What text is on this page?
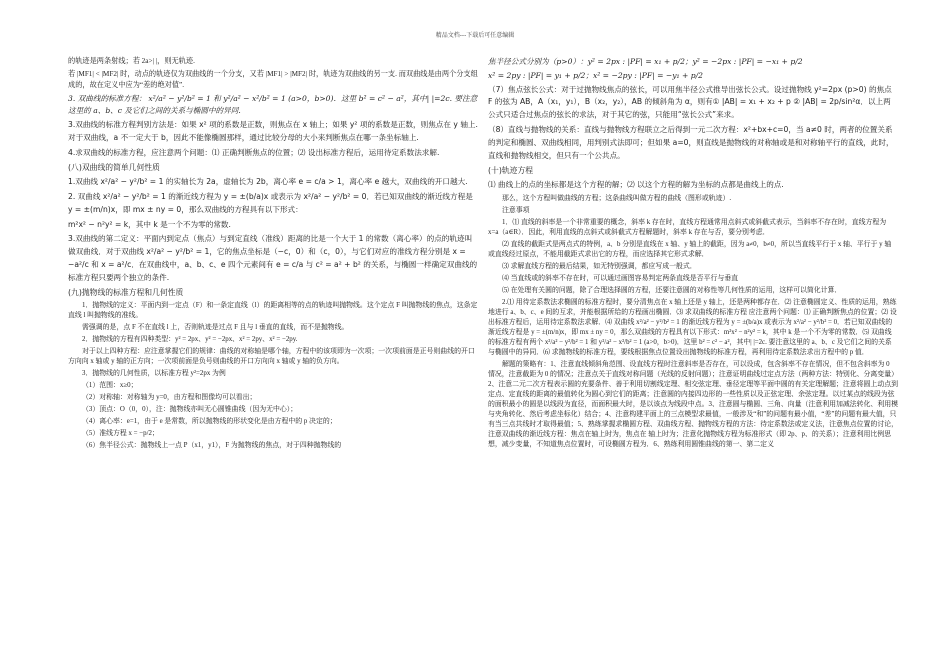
精品文档---下载后可任意编辑

的轨迹是两条射线；若 2a>| |，则无轨迹.

若 |MF1| < |MF2| 时，动点的轨迹仅为双曲线的一个分支，又若 |MF1| > |MF2| 时，轨迹为双曲线的另一支. 而双曲线是由两个分支组成的，故在定义中应为“差的绝对值”.

3. 双曲线的标准方程： x²/a² − y²/b² = 1 和 y²/a² − x²/b² = 1 (a>0，b>0)．这里 b² = c² − a²，其中| |=2c. 要注意这里的 a、b、c 及它们之间的关系与椭圆中的异同.

3.双曲线的标准方程判别方法是：如果 x² 项的系数是正数，则焦点在 x 轴上；如果 y² 项的系数是正数，则焦点在 y 轴上. 对于双曲线，a 不一定大于 b，因此不能像椭圆那样，通过比较分母的大小来判断焦点在哪一条坐标轴上.

4.求双曲线的标准方程，应注意两个问题：⑴ 正确判断焦点的位置；⑵ 设出标准方程后，运用待定系数法求解.

(八)双曲线的简单几何性质

1.双曲线 x²/a² − y²/b² = 1 的实轴长为 2a，虚轴长为 2b，离心率 e = c/a > 1，离心率 e 越大，双曲线的开口越大.

2. 双曲线 x²/a² − y²/b² = 1 的渐近线方程为 y = ±(b/a)x 或表示为 x²/a² − y²/b² = 0．若已知双曲线的渐近线方程是 y = ±(m/n)x，即 mx ± ny = 0，那么双曲线的方程具有以下形式：

m²x² − n²y² = k，其中 k 是一个不为零的常数.

3.双曲线的第二定义：平面内到定点（焦点）与到定直线（准线）距离的比是一个大于 1 的常数（离心率）的点的轨迹叫做双曲线．对于双曲线 x²/a² − y²/b² = 1，它的焦点坐标是（−c，0）和（c，0），与它们对应的准线方程分别是 x = −a²/c 和 x = a²/c．在双曲线中，a、b、c、e 四个元素间有 e = c/a 与 c² = a² + b² 的关系，与椭圆一样确定双曲线的标准方程只要两个独立的条件.

(九)抛物线的标准方程和几何性质

1．抛物线的定义：平面内到一定点（F）和一条定直线（l）的距离相等的点的轨迹叫抛物线。这个定点 F 叫抛物线的焦点，这条定直线 l 叫抛物线的准线。

需强调的是，点 F 不在直线 l 上，否则轨迹是过点 F 且与 l 垂直的直线，而不是抛物线。

2．抛物线的方程有四种类型：y² = 2px、y² = −2px、x² = 2py、x² = −2py.

对于以上四种方程：应注意掌握它们的规律：曲线的对称轴是哪个轴，方程中的该项即为一次项；一次项前面是正号则曲线的开口方向向 x 轴或 y 轴的正方向；一次项前面是负号则曲线的开口方向向 x 轴或 y 轴的负方向。

3．抛物线的几何性质，以标准方程 y²=2px 为例

（1）范围：x≥0；

（2）对称轴：对称轴为 y=0，由方程和图像均可以看出；

（3）顶点：O（0，0），注：抛物线亦叫无心圆锥曲线（因为无中心）；

（4）离心率：e=1，由于 e 是常数，所以抛物线的形状变化是由方程中的 p 决定的；

（5）准线方程 x = −p/2；

（6）焦半径公式：抛物线上一点 P（x1，y1），F 为抛物线的焦点，对于四种抛物线的

焦半径公式分别为（p>0）：y² = 2px : |PF| = x₁ + p/2；y² = −2px : |PF| = −x₁ + p/2

x² = 2py : |PF| = y₁ + p/2；x² = −2py : |PF| = −y₁ + p/2

（7）焦点弦长公式：对于过抛物线焦点的弦长，可以用焦半径公式推导出弦长公式。设过抛物线 y²=2px (p>0) 的焦点 F 的弦为 AB，A（x₁，y₁），B（x₂，y₂），AB 的倾斜角为 α，则有① |AB| = x₁ + x₂ + p ② |AB| = 2p/sin²α．以上两公式只适合过焦点的弦长的求法，对于其它的弦，只能用“弦长公式”来求。

（8）直线与抛物线的关系：直线与抛物线方程联立之后得到一元二次方程：x²+bx+c=0，当 a≠0 时，两者的位置关系的判定和椭圆、双曲线相同，用判别式法即可；但如果 a=0，则直线是抛物线的对称轴或是和对称轴平行的直线，此时，直线和抛物线相交，但只有一个公共点。

(十)轨迹方程

⑴ 曲线上的点的坐标都是这个方程的解；⑵ 以这个方程的解为坐标的点都是曲线上的点.

那么，这个方程叫做曲线的方程；这条曲线叫做方程的曲线（图形或轨迹）.

注意事项

1．⑴ 直线的斜率是一个非常重要的概念，斜率 k 存在时，直线方程通常用点斜式或斜截式表示，当斜率不存在时，直线方程为 x=a（a∈R）．因此，利用直线的点斜式或斜截式方程解题时，斜率 k 存在与否，要分别考虑．

⑵ 直线的截距式是两点式的特例，a、b 分别是直线在 x 轴、y 轴上的截距，因为 a≠0，b≠0，所以当直线平行于 x 轴、平行于 y 轴或直线经过原点，不能用截距式求出它的方程，而应选择其它形式求解．

⑶ 求解直线方程的最后结果，如无特别强调，都应写成一般式．

⑷ 当直线或的斜率不存在时，可以通过画图容易判定两条直线是否平行与垂直

⑸ 在处理有关圆的问题，除了合理选择圆的方程，还要注意圆的对称性等几何性质的运用，这样可以简化计算．

2.⑴ 用待定系数法求椭圆的标准方程时，要分清焦点在 x 轴上还是 y 轴上，还是两种都存在．⑵ 注意椭圆定义、性质的运用，熟练地进行 a、b、c、e 间的互求，并能根据所给的方程画出椭圆．⑶ 求双曲线的标准方程 应注意两个问题：⑴ 正确判断焦点的位置；⑵ 设出标准方程后，运用待定系数法求解．⑷ 双曲线 x²/a² − y²/b² = 1 的渐近线方程为 y = ±(b/a)x 或表示为 x²/a² − y²/b² = 0．若已知双曲线的渐近线方程是 y = ±(m/n)x，即 mx ± ny = 0，那么双曲线的方程具有以下形式：m²x² − n²y² = k，其中 k 是一个不为零的常数．⑸ 双曲线的标准方程有两个 x²/a² − y²/b² = 1 和 y²/a² − x²/b² = 1 (a>0，b>0)．这里 b² = c² − a²，其中| |=2c. 要注意这里的 a、b、c 及它们之间的关系与椭圆中的异同．⑹ 求抛物线的标准方程，要线根据焦点位置设出抛物线的标准方程，再利用待定系数法求出方程中的 p 值．

解题的策略有：1、注意直线倾斜角范围、设直线方程时注意斜率是否存在，可以设成，包含斜率不存在情况，但不包含斜率为 0 情况，注意截距为 0 的情况；注意点关于直线对称问题（光线的反射问题）；注意证明曲线过定点方法（两种方法：特别化、分离变量）2、注意二元二次方程表示圆的充要条件、善于利用切割线定理、相交弦定理、垂径定理等平面中圆的有关定理解题；注意将圆上动点到定点、定直线的距离的最值转化为圆心到它们的距离；注意圆的内接四边形的一些性质以及正弦定理、余弦定理。以过某点的线段为弦的面积最小的圆是以线段为直径，而面积最大时，是以该点为线段中点。3、注意圆与椭圆、三角、向量（注意利用加减法转化、利用模与夹角转化、然后考虑坐标化）结合；4、注意构建平面上的三点模型求最值，一般涉及“和”的问题有最小值，“差”的问题有最大值，只有当三点共线时才取得最值；5、熟练掌握求椭圆方程、双曲线方程、抛物线方程的方法：待定系数法或定义法，注意焦点位置的讨论，注意双曲线的渐近线方程：焦点在轴上时为，焦点在 轴上时为；注意化抛物线方程为标准形式（即 2p、p、的关系）；注意利用比例思想，减少变量，不知道焦点位置时，可设椭圆方程为．6、熟练利用圆锥曲线的第一、第二定义
